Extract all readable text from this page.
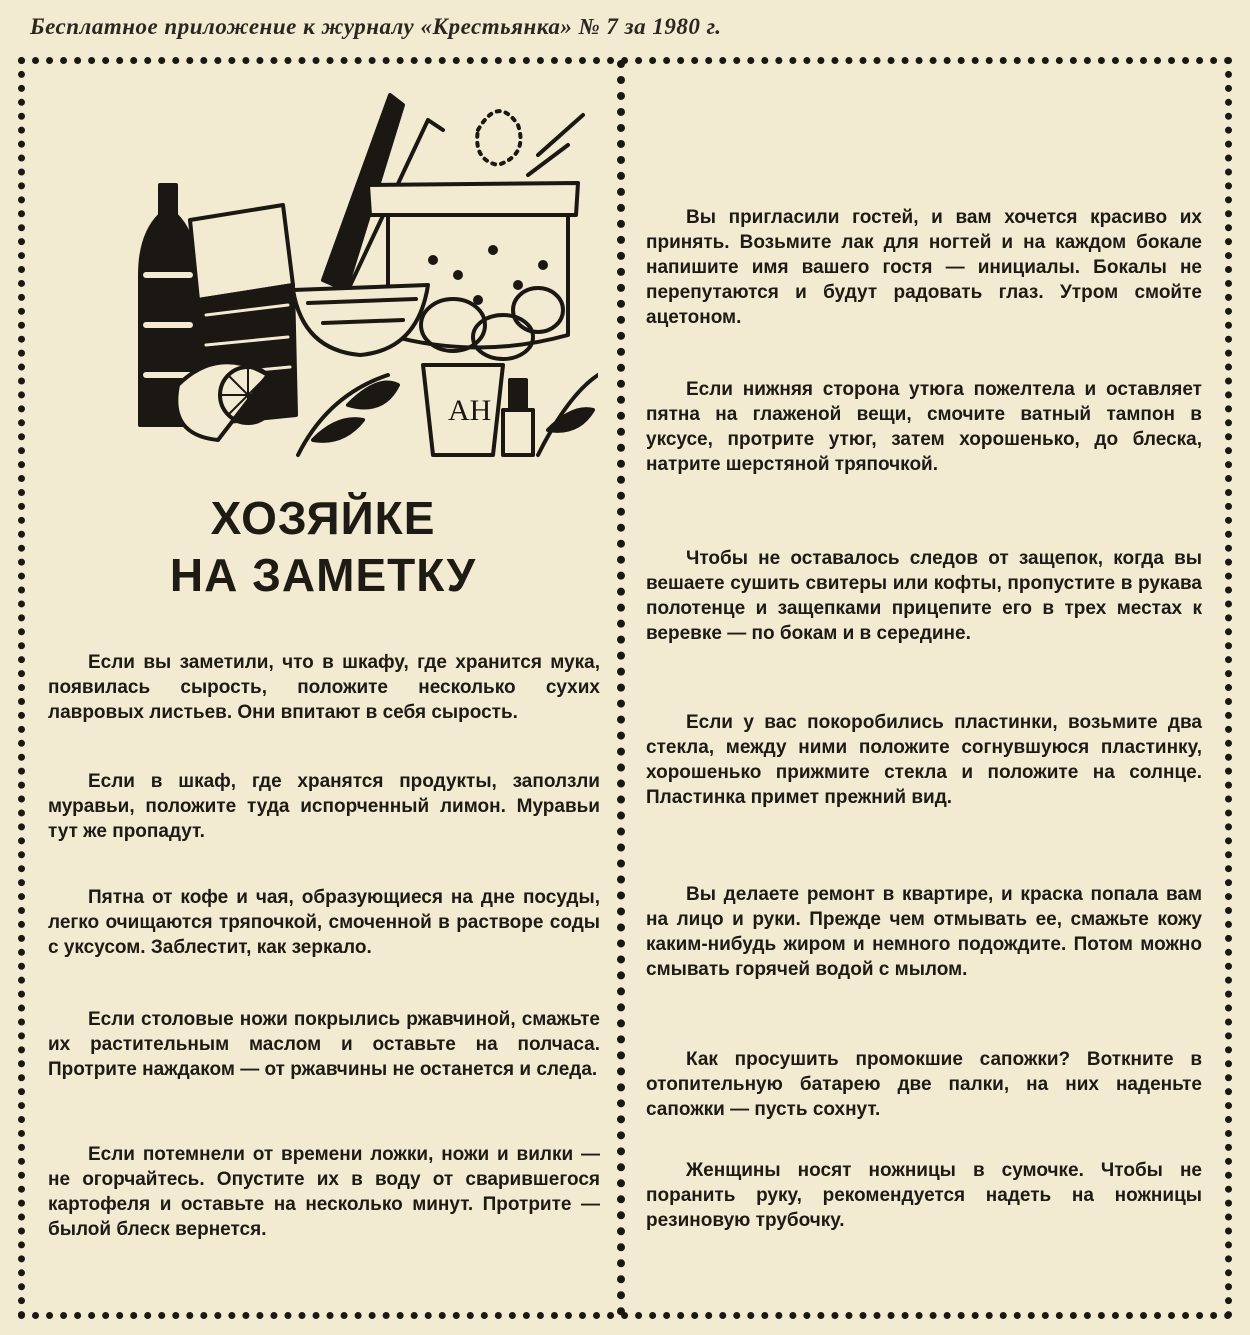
Бесплатное приложение к журналу «Крестьянка» № 7 за 1980 г.
АН
ХОЗЯЙКЕ
НА ЗАМЕТКУ

Если вы заметили, что в шкафу, где хранится мука, появилась сырость, положите несколько сухих лавровых листьев. Они впитают в себя сырость.

Если в шкаф, где хранятся продукты, заползли муравьи, положите туда испорченный лимон. Муравьи тут же пропадут.

Пятна от кофе и чая, образующиеся на дне посуды, легко очищаются тряпочкой, смоченной в растворе соды с уксусом. Заблестит, как зеркало.

Если столовые ножи покрылись ржавчиной, смажьте их растительным маслом и оставьте на полчаса. Протрите наждаком — от ржавчины не останется и следа.

Если потемнели от времени ложки, ножи и вилки — не огорчайтесь. Опустите их в воду от сварившегося картофеля и оставьте на несколько минут. Протрите — былой блеск вернется.

Вы пригласили гостей, и вам хочется красиво их принять. Возьмите лак для ногтей и на каждом бокале напишите имя вашего гостя — инициалы. Бокалы не перепутаются и будут радовать глаз. Утром смойте ацетоном.

Если нижняя сторона утюга пожелтела и оставляет пятна на глаженой вещи, смочите ватный тампон в уксусе, протрите утюг, затем хорошенько, до блеска, натрите шерстяной тряпочкой.

Чтобы не оставалось следов от защепок, когда вы вешаете сушить свитеры или кофты, пропустите в рукава полотенце и защепками прицепите его в трех местах к веревке — по бокам и в середине.

Если у вас покоробились пластинки, возьмите два стекла, между ними положите согнувшуюся пластинку, хорошенько прижмите стекла и положите на солнце. Пластинка примет прежний вид.

Вы делаете ремонт в квартире, и краска попала вам на лицо и руки. Прежде чем отмывать ее, смажьте кожу каким-нибудь жиром и немного подождите. Потом можно смывать горячей водой с мылом.

Как просушить промокшие сапожки? Воткните в отопительную батарею две палки, на них наденьте сапожки — пусть сохнут.

Женщины носят ножницы в сумочке. Чтобы не поранить руку, рекомендуется надеть на ножницы резиновую трубочку.
